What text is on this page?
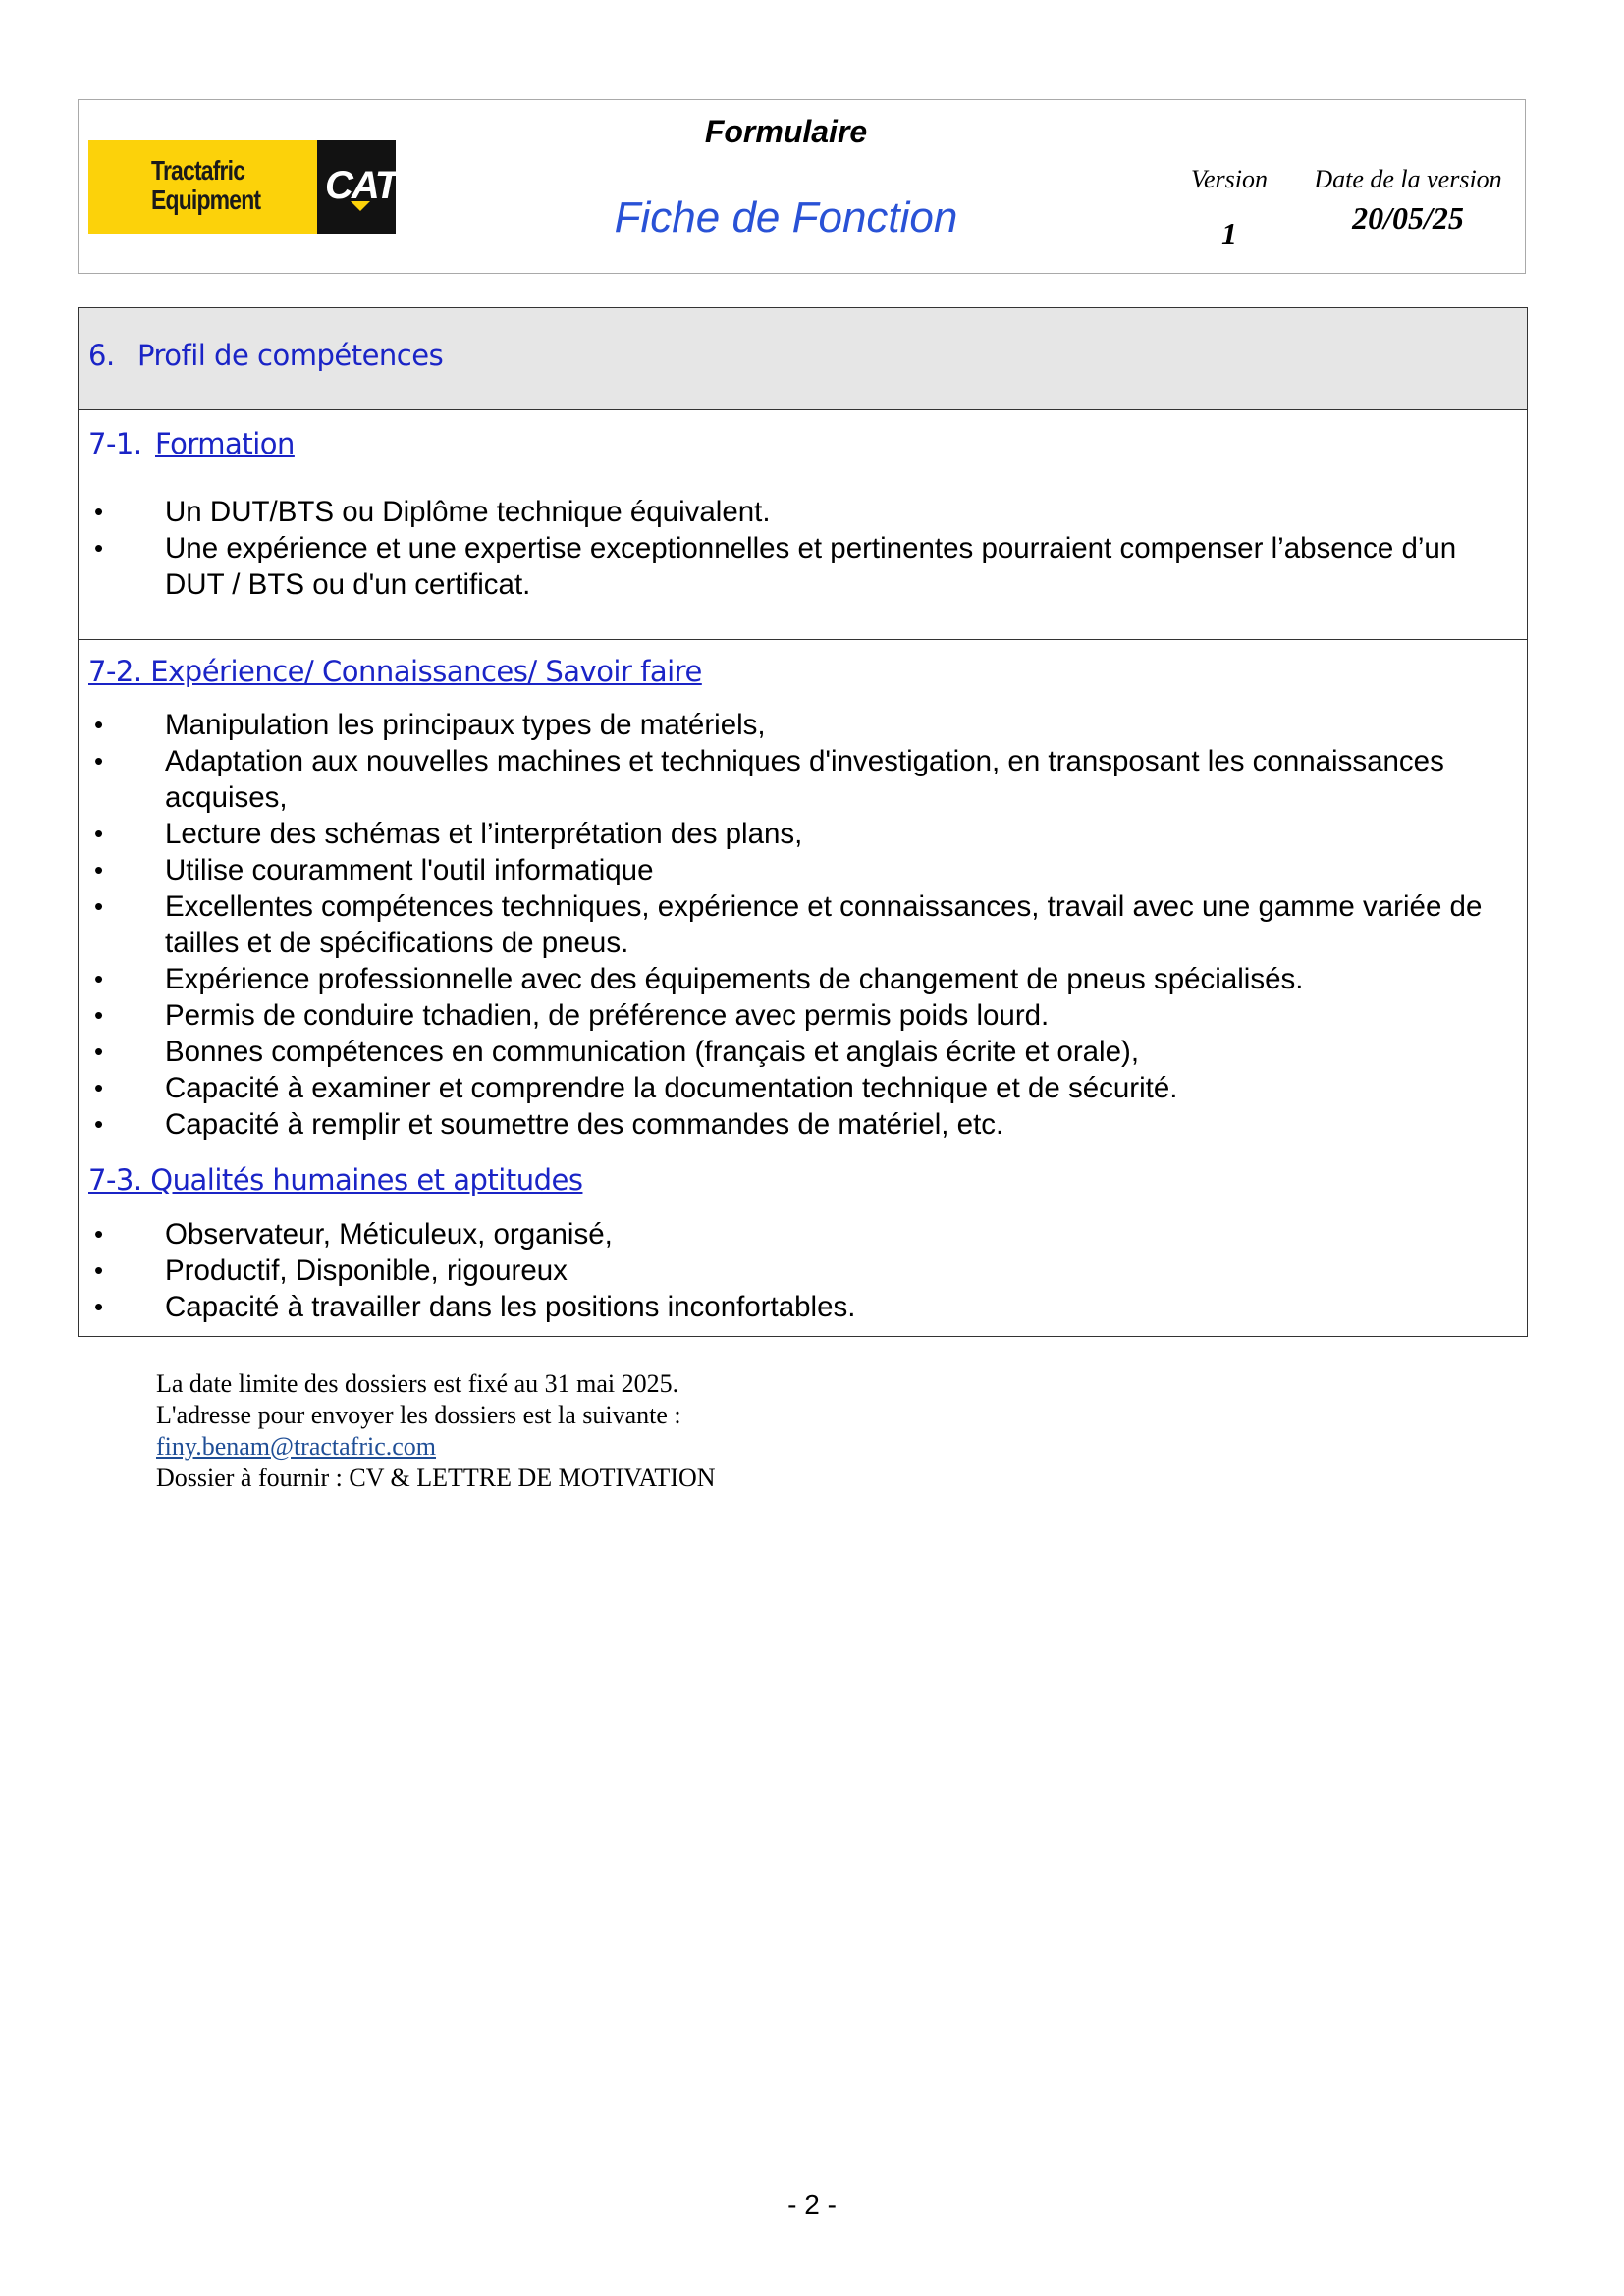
Tractafric
Equipment CAT
Formulaire
Fiche de Fonction
Version	Date de la version
1	20/05/25
6. Profil de compétences
7-1. Formation
• Un DUT/BTS ou Diplôme technique équivalent.
• Une expérience et une expertise exceptionnelles et pertinentes pourraient compenser l’absence d’un DUT / BTS ou d'un certificat.
7-2. Expérience/ Connaissances/ Savoir faire
• Manipulation les principaux types de matériels,
• Adaptation aux nouvelles machines et techniques d'investigation, en transposant les connaissances acquises,
• Lecture des schémas et l’interprétation des plans,
• Utilise couramment l'outil informatique
• Excellentes compétences techniques, expérience et connaissances, travail avec une gamme variée de tailles et de spécifications de pneus.
• Expérience professionnelle avec des équipements de changement de pneus spécialisés.
• Permis de conduire tchadien, de préférence avec permis poids lourd.
• Bonnes compétences en communication (français et anglais écrite et orale),
• Capacité à examiner et comprendre la documentation technique et de sécurité.
• Capacité à remplir et soumettre des commandes de matériel, etc.
7-3. Qualités humaines et aptitudes
• Observateur, Méticuleux, organisé,
• Productif, Disponible, rigoureux
• Capacité à travailler dans les positions inconfortables.
La date limite des dossiers est fixé au 31 mai 2025.
L'adresse pour envoyer les dossiers est la suivante :
finy.benam@tractafric.com
Dossier à fournir : CV & LETTRE DE MOTIVATION
- 2 -
